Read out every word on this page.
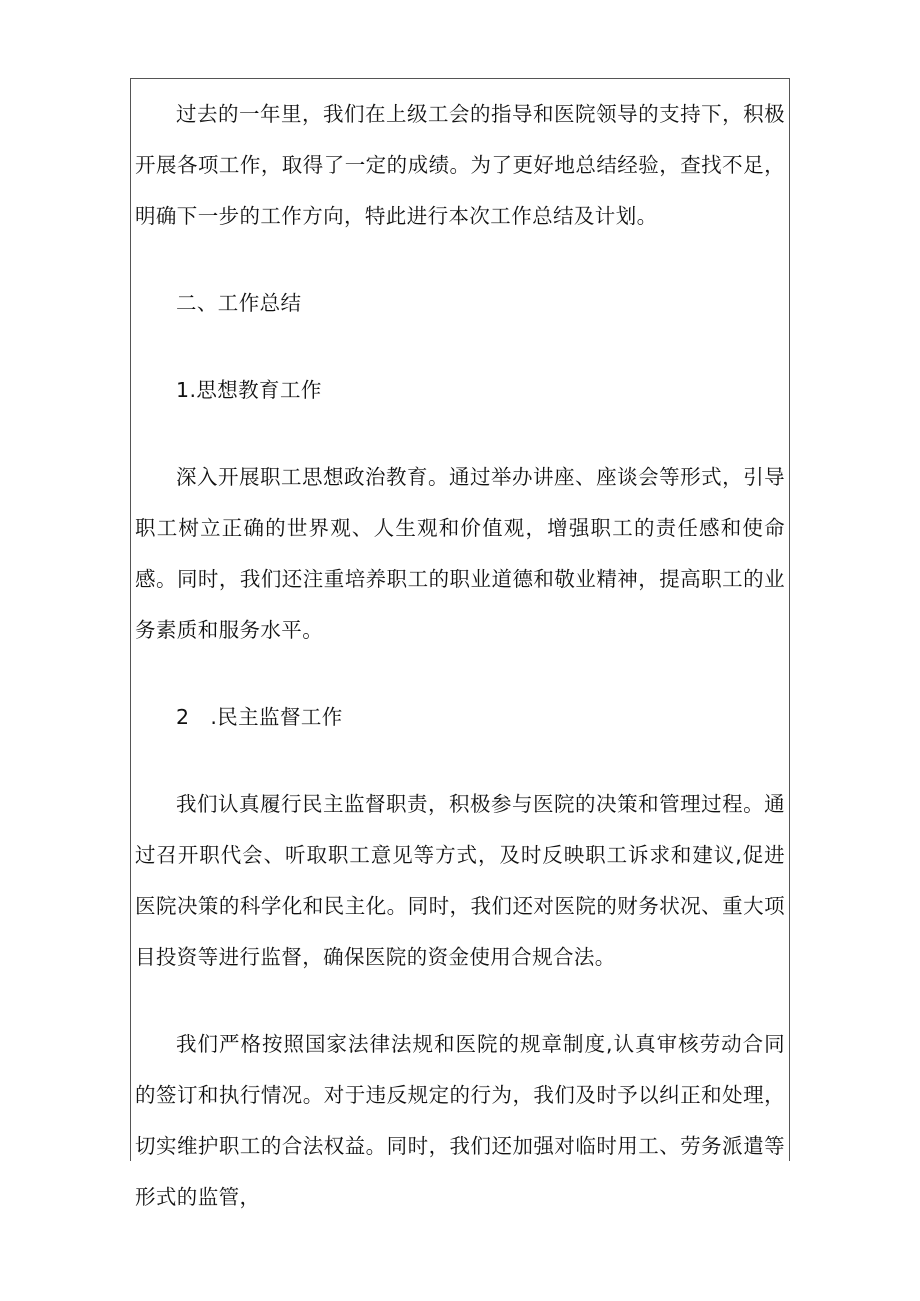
过去的一年里，我们在上级工会的指导和医院领导的支持下，积极开展各项工作，取得了一定的成绩。为了更好地总结经验，查找不足，明确下一步的工作方向，特此进行本次工作总结及计划。

二、工作总结

1.思想教育工作

深入开展职工思想政治教育。通过举办讲座、座谈会等形式，引导职工树立正确的世界观、人生观和价值观，增强职工的责任感和使命感。同时，我们还注重培养职工的职业道德和敬业精神，提高职工的业务素质和服务水平。

2 .民主监督工作

我们认真履行民主监督职责，积极参与医院的决策和管理过程。通过召开职代会、听取职工意见等方式，及时反映职工诉求和建议,促进医院决策的科学化和民主化。同时，我们还对医院的财务状况、重大项目投资等进行监督，确保医院的资金使用合规合法。

我们严格按照国家法律法规和医院的规章制度,认真审核劳动合同的签订和执行情况。对于违反规定的行为，我们及时予以纠正和处理，切实维护职工的合法权益。同时，我们还加强对临时用工、劳务派遣等形式的监管，
